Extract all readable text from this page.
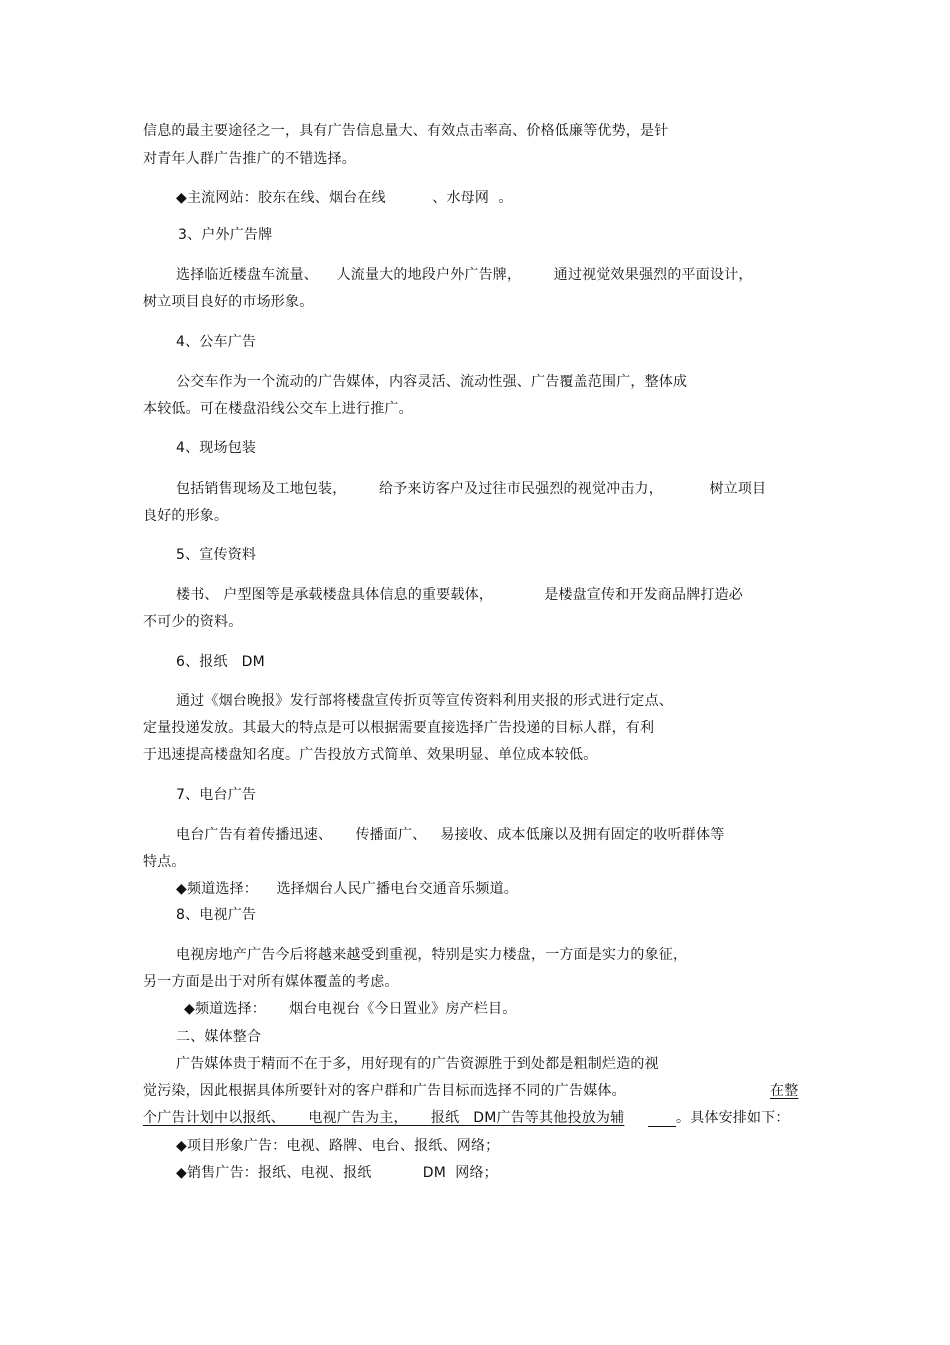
信息的最主要途径之一，具有广告信息量大、有效点击率高、价格低廉等优势，是针
对青年人群广告推广的不错选择。
◆主流网站：胶东在线、烟台在线          、水母网  。
3、户外广告牌
选择临近楼盘车流量、    人流量大的地段户外广告牌，       通过视觉效果强烈的平面设计，
树立项目良好的市场形象。
4、公车广告
公交车作为一个流动的广告媒体，内容灵活、流动性强、广告覆盖范围广，整体成
本较低。可在楼盘沿线公交车上进行推广。
4、现场包装
包括销售现场及工地包装，       给予来访客户及过往市民强烈的视觉冲击力，          树立项目
良好的形象。
5、宣传资料
楼书、 户型图等是承载楼盘具体信息的重要载体，           是楼盘宣传和开发商品牌打造必
不可少的资料。
6、报纸   DM
通过《烟台晚报》发行部将楼盘宣传折页等宣传资料利用夹报的形式进行定点、
定量投递发放。其最大的特点是可以根据需要直接选择广告投递的目标人群，有利
于迅速提高楼盘知名度。广告投放方式简单、效果明显、单位成本较低。
7、电台广告
电台广告有着传播迅速、     传播面广、   易接收、成本低廉以及拥有固定的收听群体等
特点。
◆频道选择：    选择烟台人民广播电台交通音乐频道。
8、电视广告
电视房地产广告今后将越来越受到重视，特别是实力楼盘，一方面是实力的象征，
另一方面是出于对所有媒体覆盖的考虑。
◆频道选择：     烟台电视台《今日置业》房产栏目。
二、媒体整合
广告媒体贵于精而不在于多，用好现有的广告资源胜于到处都是粗制烂造的视
觉污染，因此根据具体所要针对的客户群和广告目标而选择不同的广告媒体。	在整
个广告计划中以报纸、     电视广告为主，     报纸   DM广告等其他投放为辅	。具体安排如下：
◆项目形象广告：电视、路牌、电台、报纸、网络；
◆销售广告：报纸、电视、报纸           DM  网络；
